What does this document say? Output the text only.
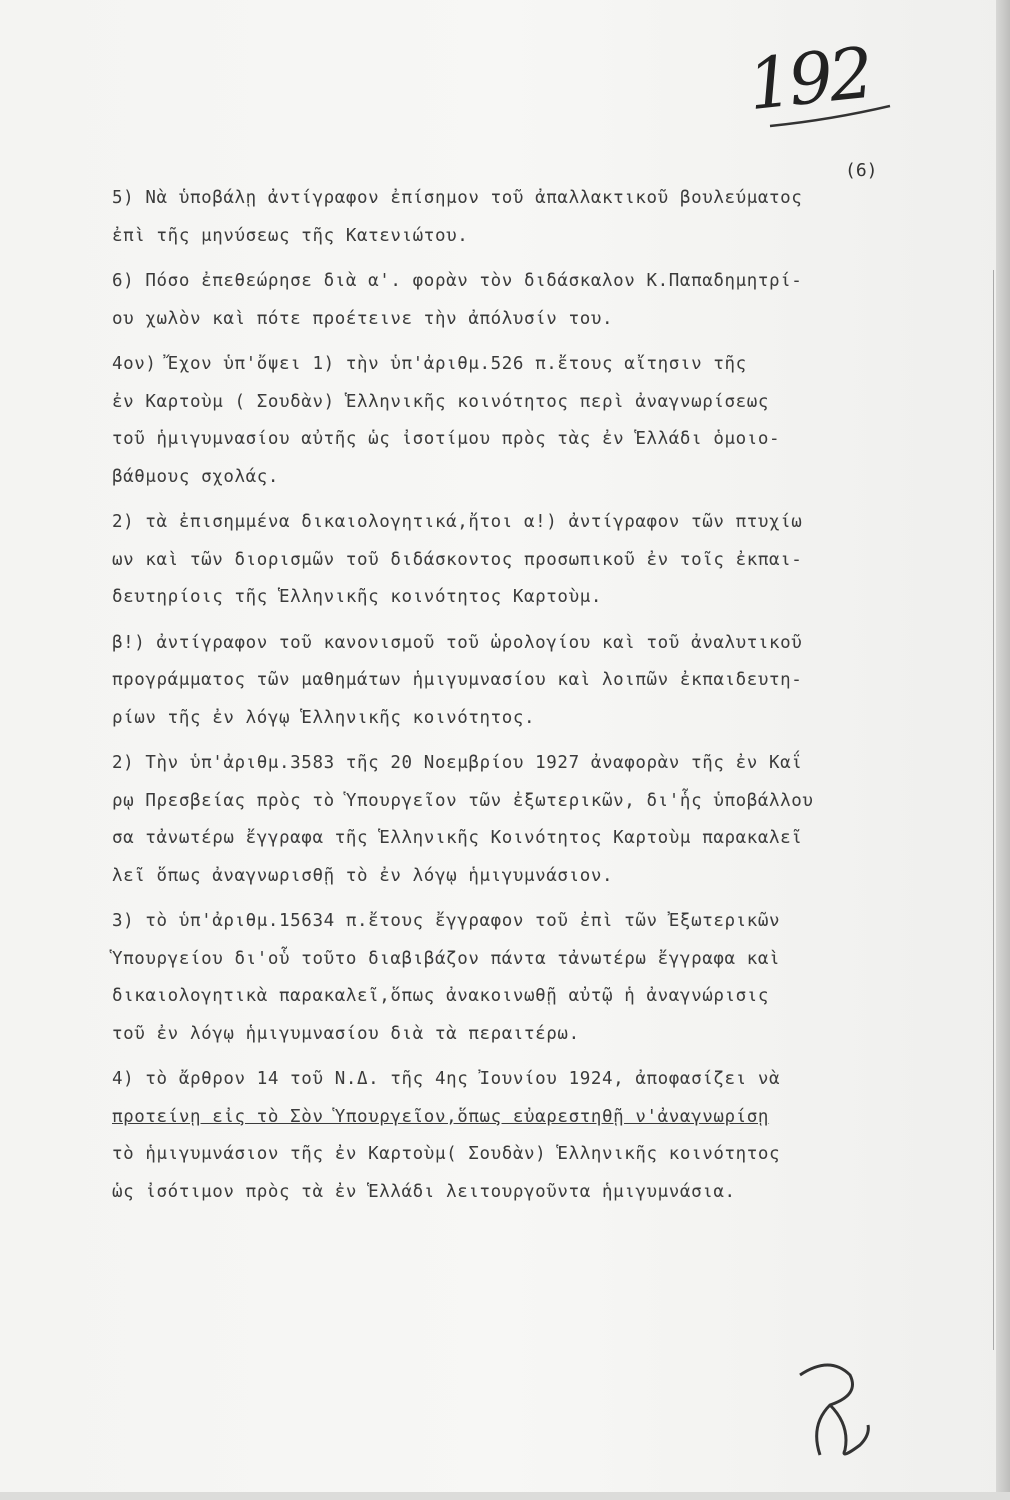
192
(6)
5) Νὰ ὑποβάλῃ ἀντίγραφον ἐπίσημον τοῦ ἀπαλλακτικοῦ βουλεύματος
ἐπὶ τῆς μηνύσεως τῆς Κατενιώτου.
6) Πόσο ἐπεθεώρησε διὰ α'. φορὰν τὸν διδάσκαλον Κ.Παπαδημητρί-
ου χωλὸν καὶ πότε προέτεινε τὴν ἀπόλυσίν του.
4ον) Ἔχον ὑπ'ὄψει 1) τὴν ὑπ'ἀριθμ.526 π.ἔτους αἴτησιν τῆς
ἐν Καρτοὺμ ( Σουδὰν) Ἑλληνικῆς κοινότητος περὶ ἀναγνωρίσεως
τοῦ ἡμιγυμνασίου αὐτῆς ὡς ἰσοτίμου πρὸς τὰς ἐν Ἑλλάδι ὁμοιο-
βάθμους σχολάς.
2) τὰ ἐπισημμένα δικαιολογητικά,ἤτοι α!) ἀντίγραφον τῶν πτυχίω
ων καὶ τῶν διορισμῶν τοῦ διδάσκοντος προσωπικοῦ ἐν τοῖς ἐκπαι-
δευτηρίοις τῆς Ἑλληνικῆς κοινότητος Καρτοὺμ.
β!) ἀντίγραφον τοῦ κανονισμοῦ τοῦ ὡρολογίου καὶ τοῦ ἀναλυτικοῦ
προγράμματος τῶν μαθημάτων ἡμιγυμνασίου καὶ λοιπῶν ἐκπαιδευτη-
ρίων τῆς ἐν λόγῳ Ἑλληνικῆς κοινότητος.
2) Τὴν ὑπ'ἀριθμ.3583 τῆς 20 Νοεμβρίου 1927 ἀναφορὰν τῆς ἐν Καΐ
ρῳ Πρεσβείας πρὸς τὸ Ὑπουργεῖον τῶν ἐξωτερικῶν, δι'ἧς ὑποβάλλου
σα τἀνωτέρω ἔγγραφα τῆς Ἑλληνικῆς Κοινότητος Καρτοὺμ παρακαλεῖ
λεῖ ὅπως ἀναγνωρισθῇ τὸ ἐν λόγῳ ἡμιγυμνάσιον.
3) τὸ ὑπ'ἀριθμ.15634 π.ἔτους ἔγγραφον τοῦ ἐπὶ τῶν Ἐξωτερικῶν
Ὑπουργείου δι'οὗ τοῦτο διαβιβάζον πάντα τἀνωτέρω ἔγγραφα καὶ
δικαιολογητικὰ παρακαλεῖ,ὅπως ἀνακοινωθῇ αὐτῷ ἡ ἀναγνώρισις
τοῦ ἐν λόγῳ ἡμιγυμνασίου διὰ τὰ περαιτέρω.
4) τὸ ἄρθρον 14 τοῦ Ν.Δ. τῆς 4ης Ἰουνίου 1924, ἀποφασίζει νὰ
προτείνῃ εἰς τὸ Σὸν Ὑπουργεῖον,ὅπως εὐαρεστηθῇ ν'ἀναγνωρίσῃ
τὸ ἡμιγυμνάσιον τῆς ἐν Καρτοὺμ( Σουδὰν) Ἑλληνικῆς κοινότητος
ὡς ἰσότιμον πρὸς τὰ ἐν Ἑλλάδι λειτουργοῦντα ἡμιγυμνάσια.
